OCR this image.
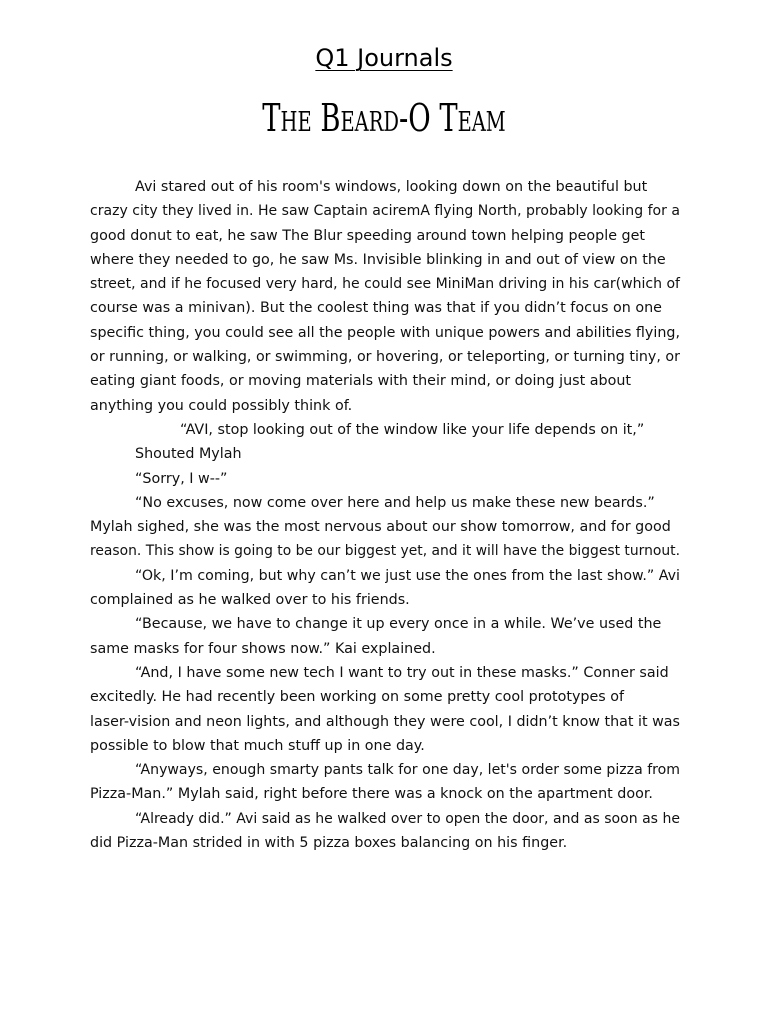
Q1 Journals
The Beard-O Team
Avi stared out of his room's windows, looking down on the beautiful but
crazy city they lived in. He saw Captain aciremA flying North, probably looking for a
good donut to eat, he saw The Blur speeding around town helping people get
where they needed to go, he saw Ms. Invisible blinking in and out of view on the
street, and if he focused very hard, he could see MiniMan driving in his car(which of
course was a minivan). But the coolest thing was that if you didn’t focus on one
specific thing, you could see all the people with unique powers and abilities flying,
or running, or walking, or swimming, or hovering, or teleporting, or turning tiny, or
eating giant foods, or moving materials with their mind, or doing just about
anything you could possibly think of.
“AVI, stop looking out of the window like your life depends on it,”
Shouted Mylah
“Sorry, I w--”
“No excuses, now come over here and help us make these new beards.”
Mylah sighed, she was the most nervous about our show tomorrow, and for good
reason. This show is going to be our biggest yet, and it will have the biggest turnout.
“Ok, I’m coming, but why can’t we just use the ones from the last show.” Avi
complained as he walked over to his friends.
“Because, we have to change it up every once in a while. We’ve used the
same masks for four shows now.” Kai explained.
“And, I have some new tech I want to try out in these masks.” Conner said
excitedly. He had recently been working on some pretty cool prototypes of
laser-vision and neon lights, and although they were cool, I didn’t know that it was
possible to blow that much stuff up in one day.
“Anyways, enough smarty pants talk for one day, let's order some pizza from
Pizza-Man.” Mylah said, right before there was a knock on the apartment door.
“Already did.” Avi said as he walked over to open the door, and as soon as he
did Pizza-Man strided in with 5 pizza boxes balancing on his finger.
